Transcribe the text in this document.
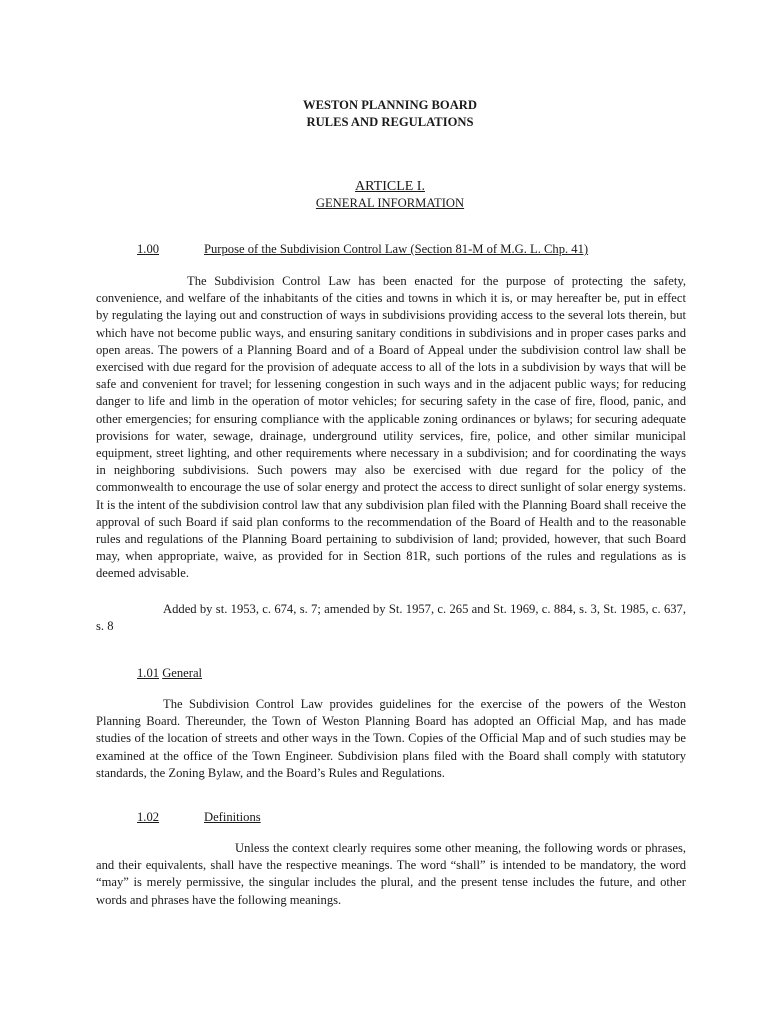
WESTON PLANNING BOARD
RULES AND REGULATIONS
ARTICLE I.
GENERAL INFORMATION
1.00	Purpose of the Subdivision Control Law (Section 81-M of M.G. L. Chp. 41)

The Subdivision Control Law has been enacted for the purpose of protecting the safety, convenience, and welfare of the inhabitants of the cities and towns in which it is, or may hereafter be, put in effect by regulating the laying out and construction of ways in subdivisions providing access to the several lots therein, but which have not become public ways, and ensuring sanitary conditions in subdivisions and in proper cases parks and open areas. The powers of a Planning Board and of a Board of Appeal under the subdivision control law shall be exercised with due regard for the provision of adequate access to all of the lots in a subdivision by ways that will be safe and convenient for travel; for lessening congestion in such ways and in the adjacent public ways; for reducing danger to life and limb in the operation of motor vehicles; for securing safety in the case of fire, flood, panic, and other emergencies; for ensuring compliance with the applicable zoning ordinances or bylaws; for securing adequate provisions for water, sewage, drainage, underground utility services, fire, police, and other similar municipal equipment, street lighting, and other requirements where necessary in a subdivision; and for coordinating the ways in neighboring subdivisions. Such powers may also be exercised with due regard for the policy of the commonwealth to encourage the use of solar energy and protect the access to direct sunlight of solar energy systems. It is the intent of the subdivision control law that any subdivision plan filed with the Planning Board shall receive the approval of such Board if said plan conforms to the recommendation of the Board of Health and to the reasonable rules and regulations of the Planning Board pertaining to subdivision of land; provided, however, that such Board may, when appropriate, waive, as provided for in Section 81R, such portions of the rules and regulations as is deemed advisable.

Added by st. 1953, c. 674, s. 7; amended by St. 1957, c. 265 and St. 1969, c. 884, s. 3, St. 1985, c. 637, s. 8

1.01 General

The Subdivision Control Law provides guidelines for the exercise of the powers of the Weston Planning Board. Thereunder, the Town of Weston Planning Board has adopted an Official Map, and has made studies of the location of streets and other ways in the Town. Copies of the Official Map and of such studies may be examined at the office of the Town Engineer. Subdivision plans filed with the Board shall comply with statutory standards, the Zoning Bylaw, and the Board’s Rules and Regulations.

1.02	Definitions

Unless the context clearly requires some other meaning, the following words or phrases, and their equivalents, shall have the respective meanings. The word “shall” is intended to be mandatory, the word “may” is merely permissive, the singular includes the plural, and the present tense includes the future, and other words and phrases have the following meanings.
